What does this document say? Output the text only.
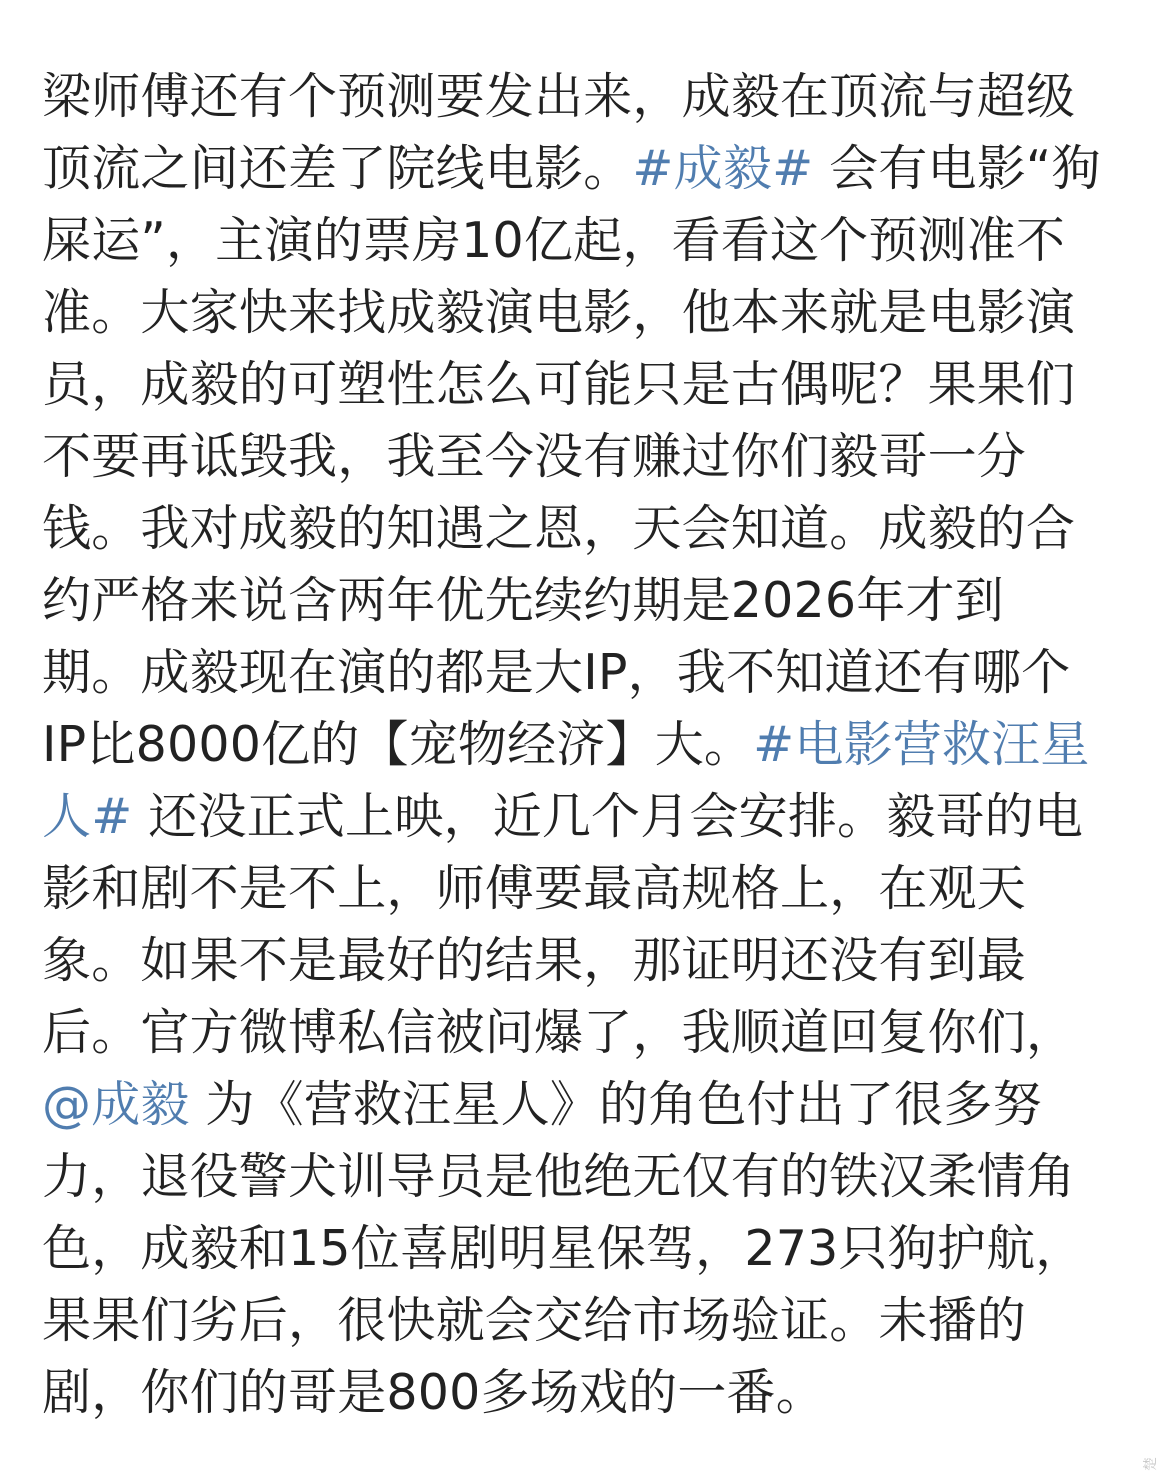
梁师傅还有个预测要发出来，成毅在顶流与超级
顶流之间还差了院线电影。#成毅# 会有电影“狗
屎运”，主演的票房10亿起，看看这个预测准不
准。大家快来找成毅演电影，他本来就是电影演
员，成毅的可塑性怎么可能只是古偶呢？果果们
不要再诋毁我，我至今没有赚过你们毅哥一分
钱。我对成毅的知遇之恩，天会知道。成毅的合
约严格来说含两年优先续约期是2026年才到
期。成毅现在演的都是大IP，我不知道还有哪个
IP比8000亿的【宠物经济】大。#电影营救汪星
人# 还没正式上映，近几个月会安排。毅哥的电
影和剧不是不上，师傅要最高规格上，在观天
象。如果不是最好的结果，那证明还没有到最
后。官方微博私信被问爆了，我顺道回复你们，
@成毅 为《营救汪星人》的角色付出了很多努
力，退役警犬训导员是他绝无仅有的铁汉柔情角
色，成毅和15位喜剧明星保驾，273只狗护航，
果果们劣后，很快就会交给市场验证。未播的
剧，你们的哥是800多场戏的一番。
楚
